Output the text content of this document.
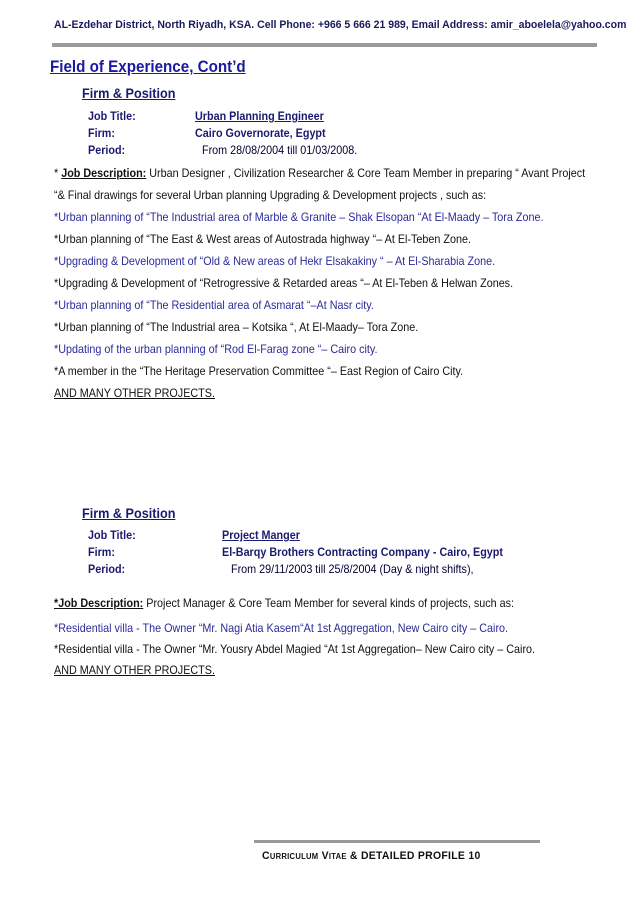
AL-Ezdehar District, North Riyadh, KSA. Cell Phone: +966 5 666 21 989, Email Address: amir_aboelela@yahoo.com
Field of Experience, Cont’d
Firm & Position
Job Title:	Urban Planning Engineer
Firm:	Cairo Governorate, Egypt
Period:	From 28/08/2004 till 01/03/2008.
* Job Description: Urban Designer , Civilization Researcher & Core Team Member in preparing “ Avant Project
“& Final drawings for several Urban planning Upgrading & Development projects , such as:
*Urban planning of “The Industrial area of Marble & Granite – Shak Elsopan “At El-Maady – Tora Zone.
*Urban planning of “The East & West areas of Autostrada highway “– At El-Teben Zone.
*Upgrading & Development of “Old & New areas of Hekr Elsakakiny “ – At El-Sharabia Zone.
*Upgrading & Development of “Retrogressive & Retarded areas “– At El-Teben & Helwan Zones.
*Urban planning of “The Residential area of Asmarat “–At Nasr city.
*Urban planning of “The Industrial area – Kotsika “, At El-Maady– Tora Zone.
*Updating of the urban planning of “Rod El-Farag zone “– Cairo city.
*A member in the “The Heritage Preservation Committee “– East Region of Cairo City.
AND MANY OTHER PROJECTS.
Firm & Position
Job Title:	Project Manger
Firm:	El-Barqy Brothers Contracting Company - Cairo, Egypt
Period:	From 29/11/2003 till 25/8/2004 (Day & night shifts),
*Job Description: Project Manager & Core Team Member for several kinds of projects, such as:
*Residential villa - The Owner “Mr. Nagi Atia Kasem“At 1st Aggregation, New Cairo city – Cairo.
*Residential villa - The Owner “Mr. Yousry Abdel Magied “At 1st Aggregation– New Cairo city – Cairo.
AND MANY OTHER PROJECTS.
Curriculum Vitae & DETAILED PROFILE 10
